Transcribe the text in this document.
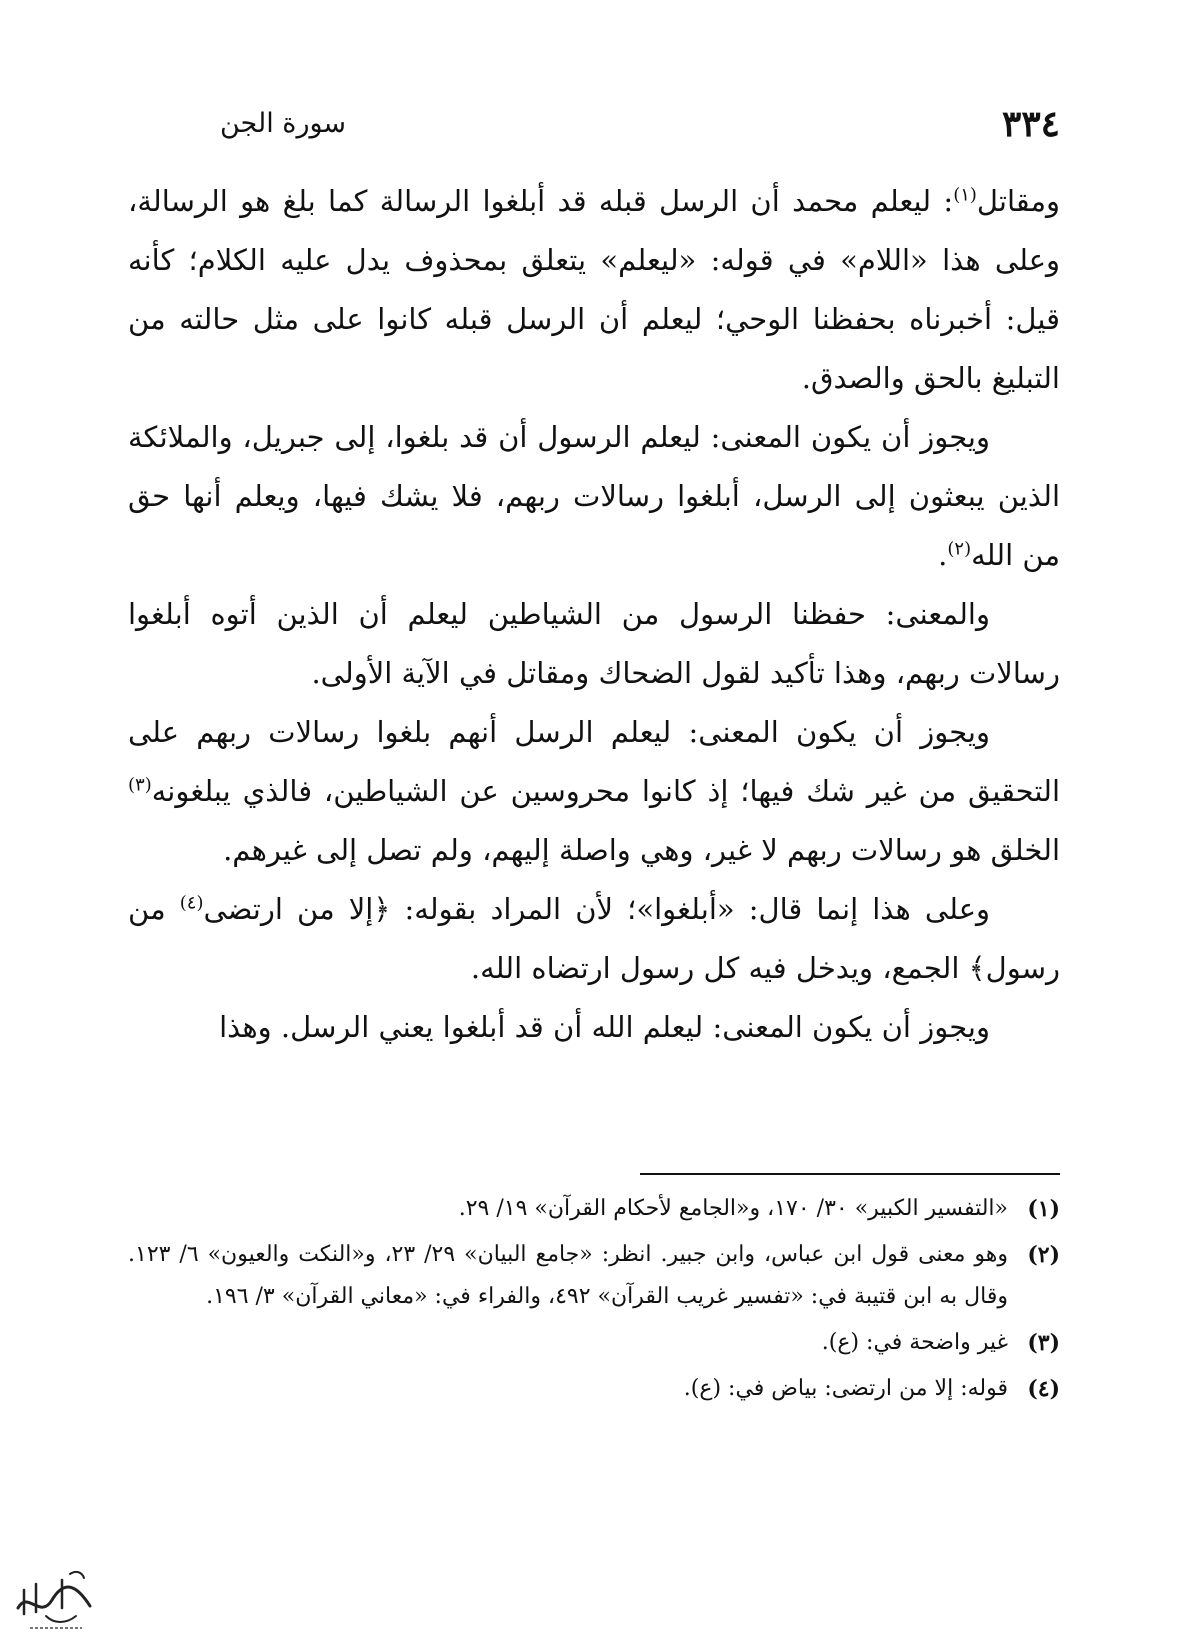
٣٣٤
سورة الجن

ومقاتل$^{(١)}$: ليعلم محمد أن الرسل قبله قد أبلغوا الرسالة كما بلغ هو الرسالة، وعلى هذا «اللام» في قوله: «ليعلم» يتعلق بمحذوف يدل عليه الكلام؛ كأنه قيل: أخبرناه بحفظنا الوحي؛ ليعلم أن الرسل قبله كانوا على مثل حالته من التبليغ بالحق والصدق.

ويجوز أن يكون المعنى: ليعلم الرسول أن قد بلغوا، إلى جبريل، والملائكة الذين يبعثون إلى الرسل، أبلغوا رسالات ربهم، فلا يشك فيها، ويعلم أنها حق من الله$^{(٢)}$.

والمعنى: حفظنا الرسول من الشياطين ليعلم أن الذين أتوه أبلغوا رسالات ربهم، وهذا تأكيد لقول الضحاك ومقاتل في الآية الأولى.

ويجوز أن يكون المعنى: ليعلم الرسل أنهم بلغوا رسالات ربهم على التحقيق من غير شك فيها؛ إذ كانوا محروسين عن الشياطين، فالذي يبلغونه$^{(٣)}$ الخلق هو رسالات ربهم لا غير، وهي واصلة إليهم، ولم تصل إلى غيرهم.

وعلى هذا إنما قال: «أبلغوا»؛ لأن المراد بقوله: ﴿إلا من ارتضى$^{(٤)}$ من رسول﴾ الجمع، ويدخل فيه كل رسول ارتضاه الله.

ويجوز أن يكون المعنى: ليعلم الله أن قد أبلغوا يعني الرسل. وهذا

(١)
«التفسير الكبير» ٣٠/ ١٧٠، و«الجامع لأحكام القرآن» ١٩/ ٢٩.
(٢)
وهو معنى قول ابن عباس، وابن جبير. انظر: «جامع البيان» ٢٩/ ٢٣، و«النكت والعيون» ٦/ ١٢٣. وقال به ابن قتيبة في: «تفسير غريب القرآن» ٤٩٢، والفراء في: «معاني القرآن» ٣/ ١٩٦.
(٣)
غير واضحة في: (ع).
(٤)
قوله: إلا من ارتضى: بياض في: (ع).
